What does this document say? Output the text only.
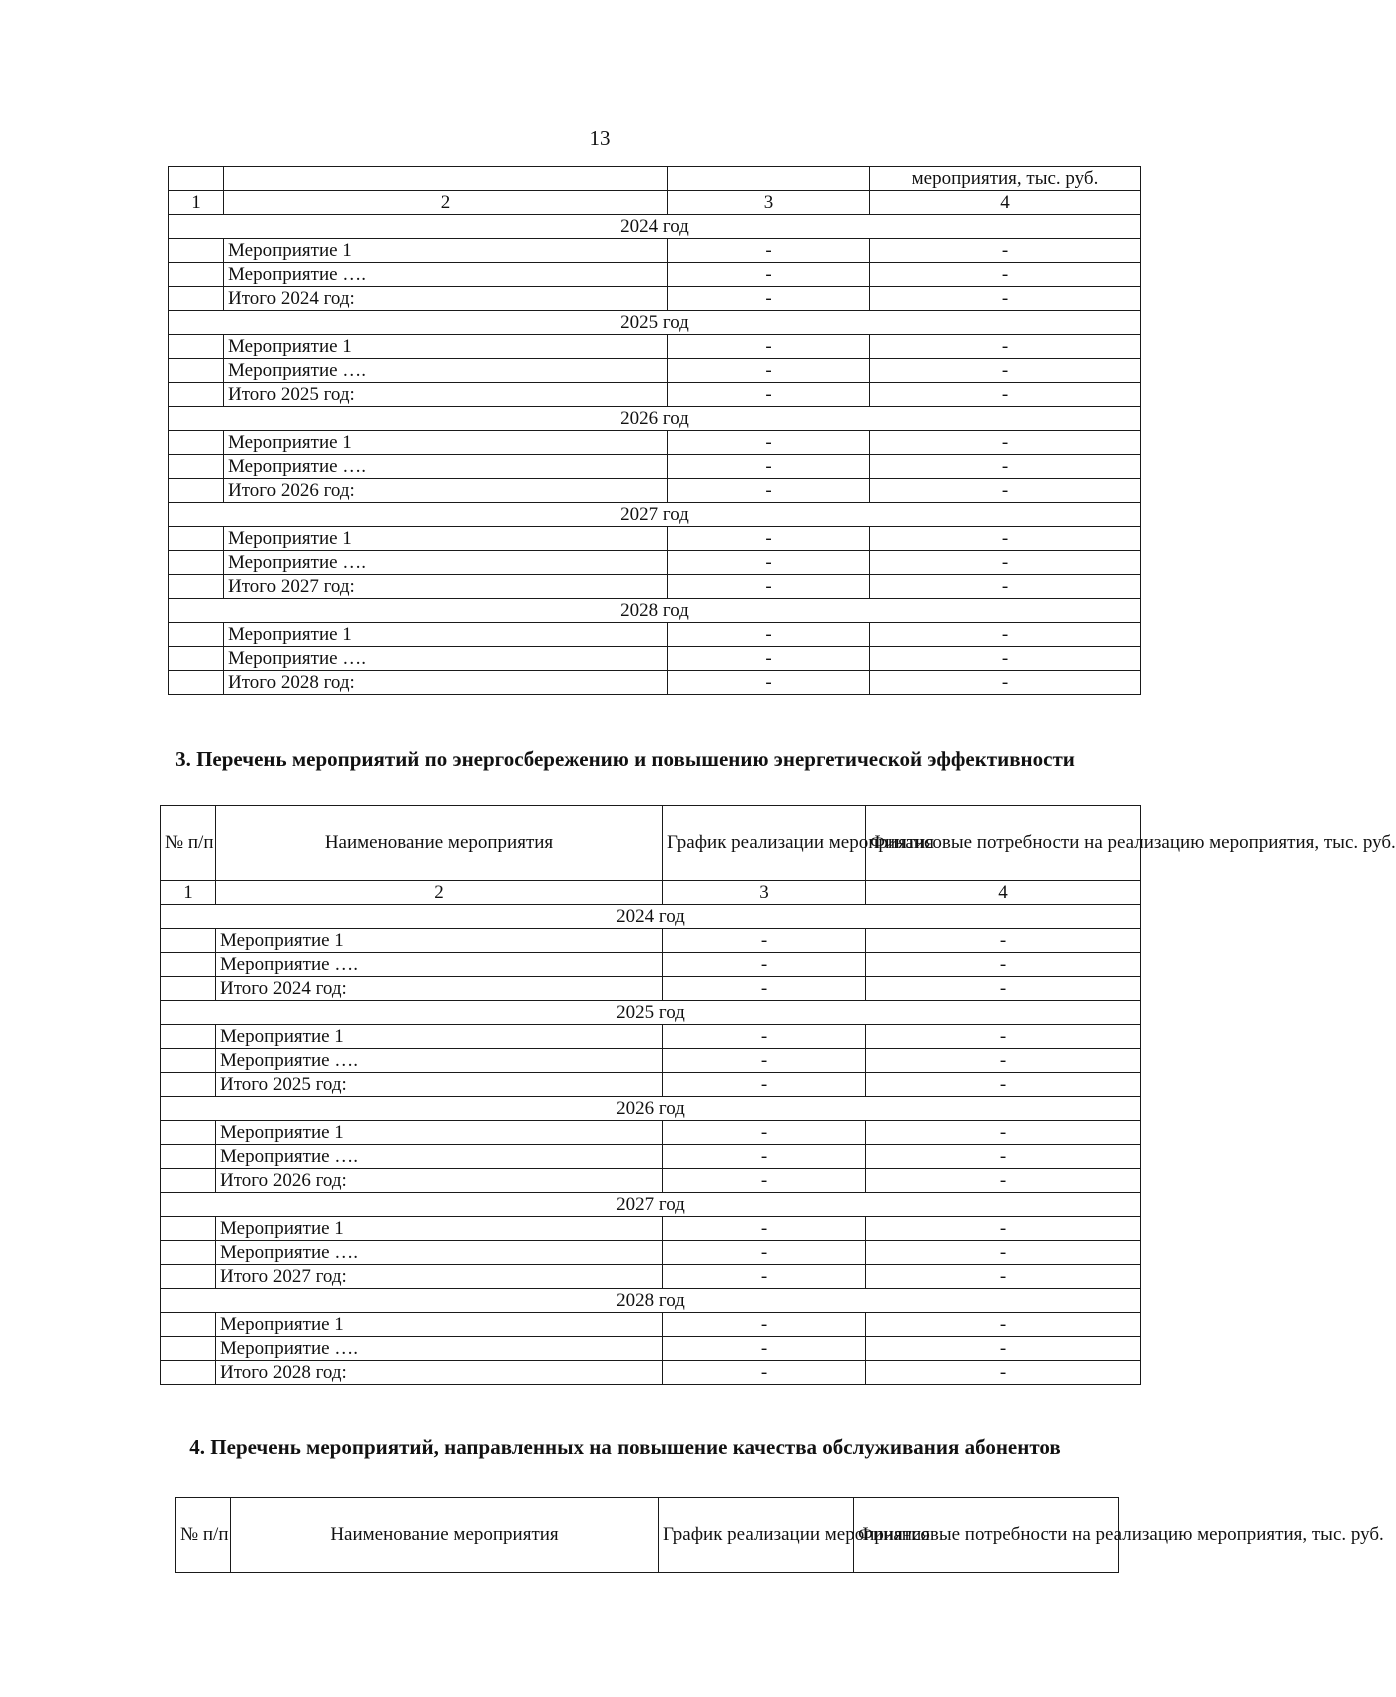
13
			мероприятия, тыс. руб.
1	2	3	4
2024 год			
	Мероприятие 1	-	-
	Мероприятие ….	-	-
	Итого 2024 год:	-	-
2025 год			
	Мероприятие 1	-	-
	Мероприятие ….	-	-
	Итого 2025 год:	-	-
2026 год			
	Мероприятие 1	-	-
	Мероприятие ….	-	-
	Итого 2026 год:	-	-
2027 год			
	Мероприятие 1	-	-
	Мероприятие ….	-	-
	Итого 2027 год:	-	-
2028 год			
	Мероприятие 1	-	-
	Мероприятие ….	-	-
	Итого 2028 год:	-	-
3. Перечень мероприятий по энергосбережению и повышению энергетической эффективности
№ п/п	Наименование мероприятия	График реализации мероприятия	Финансовые потребности на реализацию мероприятия, тыс. руб.
1	2	3	4
2024 год			
	Мероприятие 1	-	-
	Мероприятие ….	-	-
	Итого 2024 год:	-	-
2025 год			
	Мероприятие 1	-	-
	Мероприятие ….	-	-
	Итого 2025 год:	-	-
2026 год			
	Мероприятие 1	-	-
	Мероприятие ….	-	-
	Итого 2026 год:	-	-
2027 год			
	Мероприятие 1	-	-
	Мероприятие ….	-	-
	Итого 2027 год:	-	-
2028 год			
	Мероприятие 1	-	-
	Мероприятие ….	-	-
	Итого 2028 год:	-	-
4. Перечень мероприятий, направленных на повышение качества обслуживания абонентов
№ п/п	Наименование мероприятия	График реализации мероприятия	Финансовые потребности на реализацию мероприятия, тыс. руб.
